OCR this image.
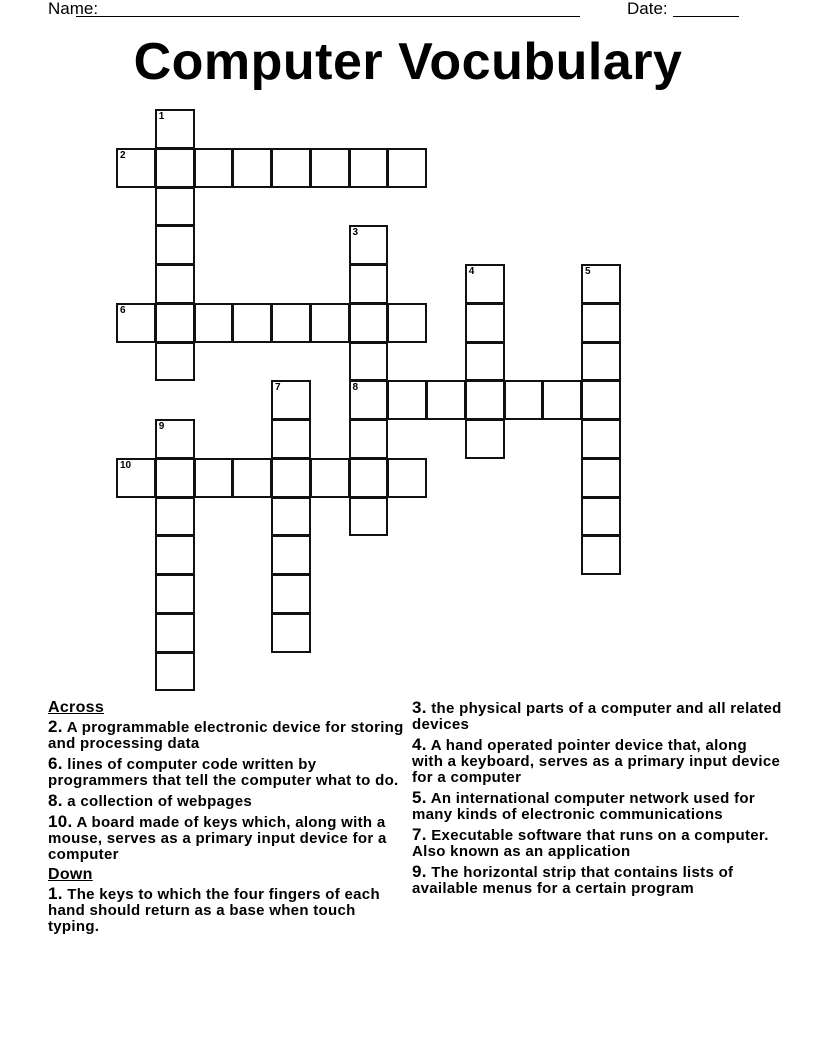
Name:	Date:
Computer Vocubulary
1
2
3
8
4	5
6
7
9
10
Across
2. A programmable electronic device for storing and processing data
6. lines of computer code written by programmers that tell the computer what to do.
8. a collection of webpages
10. A board made of keys which, along with a mouse, serves as a primary input device for a computer
Down
1. The keys to which the four fingers of each hand should return as a base when touch typing.
3. the physical parts of a computer and all related devices
4. A hand operated pointer device that, along with a keyboard, serves as a primary input device for a computer
5. An international computer network used for many kinds of electronic communications
7. Executable software that runs on a computer. Also known as an application
9. The horizontal strip that contains lists of available menus for a certain program
